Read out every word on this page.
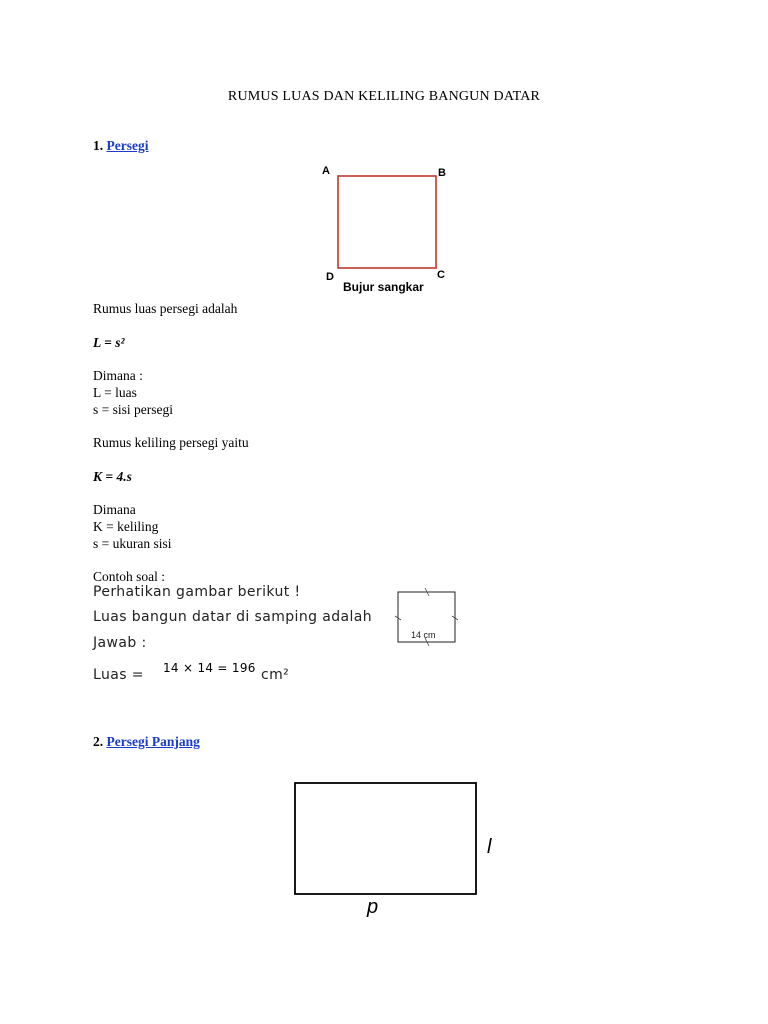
RUMUS LUAS DAN KELILING BANGUN DATAR
1. Persegi
A	B
C
D
Bujur sangkar
Rumus luas persegi adalah
L = s²
Dimana :
L = luas
s = sisi persegi
Rumus keliling persegi yaitu
K = 4.s
Dimana
K = keliling
s = ukuran sisi
Contoh soal :
Perhatikan gambar berikut !
Luas bangun datar di samping adalah
Jawab :	14 cm
Luas = 14 × 14 = 196 cm²
2. Persegi Panjang
l
p
